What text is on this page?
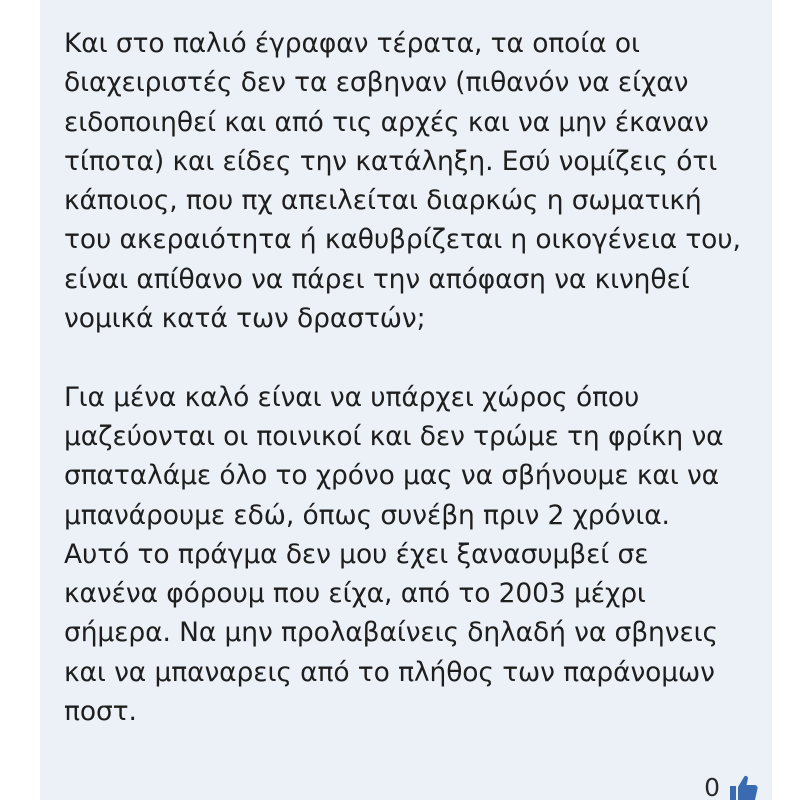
Και στο παλιό έγραφαν τέρατα, τα οποία οι
διαχειριστές δεν τα εσβηναν (πιθανόν να είχαν
ειδοποιηθεί και από τις αρχές και να μην έκαναν
τίποτα) και είδες την κατάληξη. Εσύ νομίζεις ότι
κάποιος, που πχ απειλείται διαρκώς η σωματική
του ακεραιότητα ή καθυβρίζεται η οικογένεια του,
είναι απίθανο να πάρει την απόφαση να κινηθεί
νομικά κατά των δραστών;

Για μένα καλό είναι να υπάρχει χώρος όπου
μαζεύονται οι ποινικοί και δεν τρώμε τη φρίκη να
σπαταλάμε όλο το χρόνο μας να σβήνουμε και να
μπανάρουμε εδώ, όπως συνέβη πριν 2 χρόνια.
Αυτό το πράγμα δεν μου έχει ξανασυμβεί σε
κανένα φόρουμ που είχα, από το 2003 μέχρι
σήμερα. Να μην προλαβαίνεις δηλαδή να σβηνεις
και να μπαναρεις από το πλήθος των παράνομων
ποστ.

0
